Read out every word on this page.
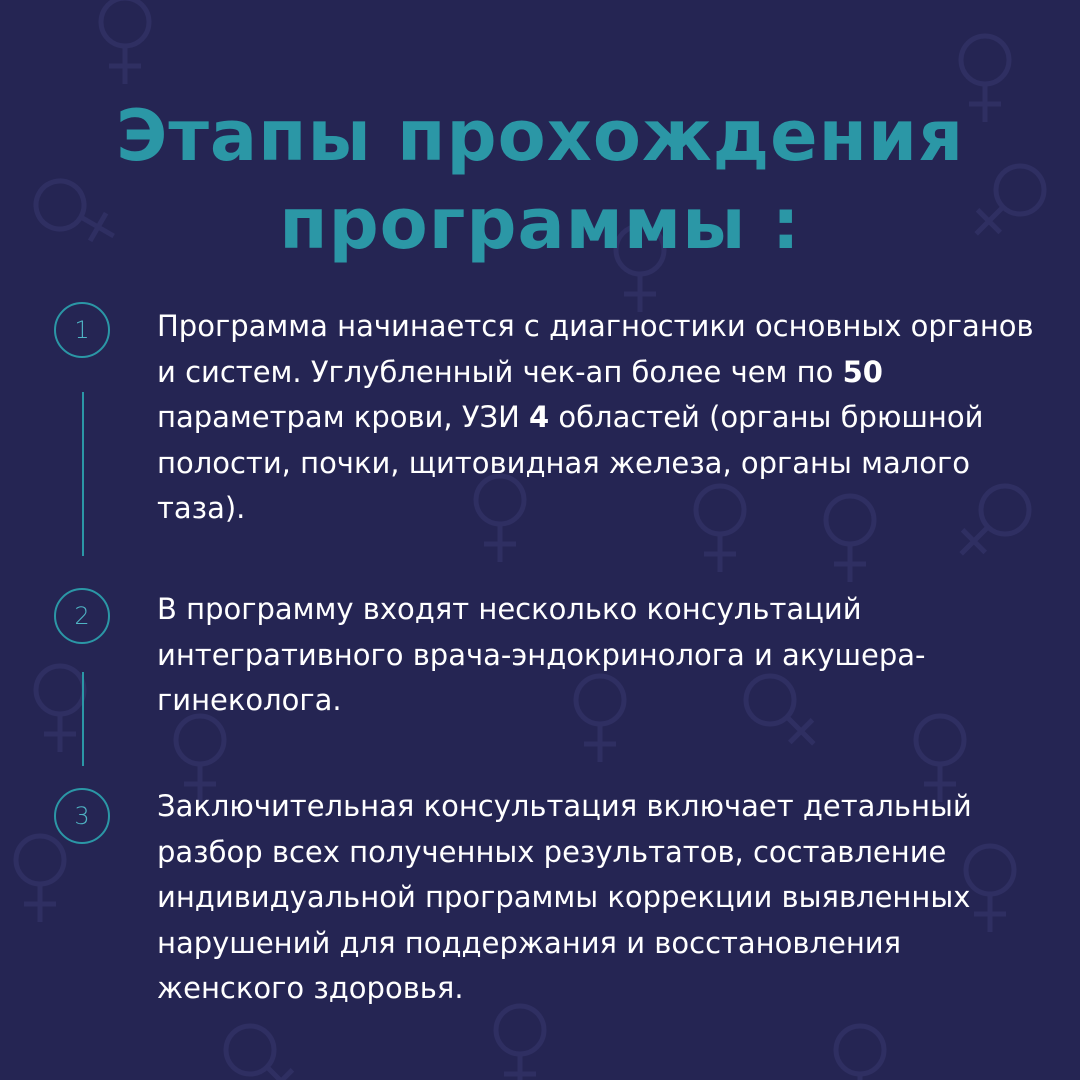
Этапы прохождения
программы :
1	Программа начинается с диагностики основных органов и систем. Углубленный чек-ап более чем по 50 параметрам крови, УЗИ 4 областей (органы брюшной полости, почки, щитовидная железа, органы малого таза).
2	В программу входят несколько консультаций интегративного врача-эндокринолога и акушера-гинеколога.
3	Заключительная консультация включает детальный разбор всех полученных результатов, составление индивидуальной программы коррекции выявленных нарушений для поддержания и восстановления женского здоровья.
